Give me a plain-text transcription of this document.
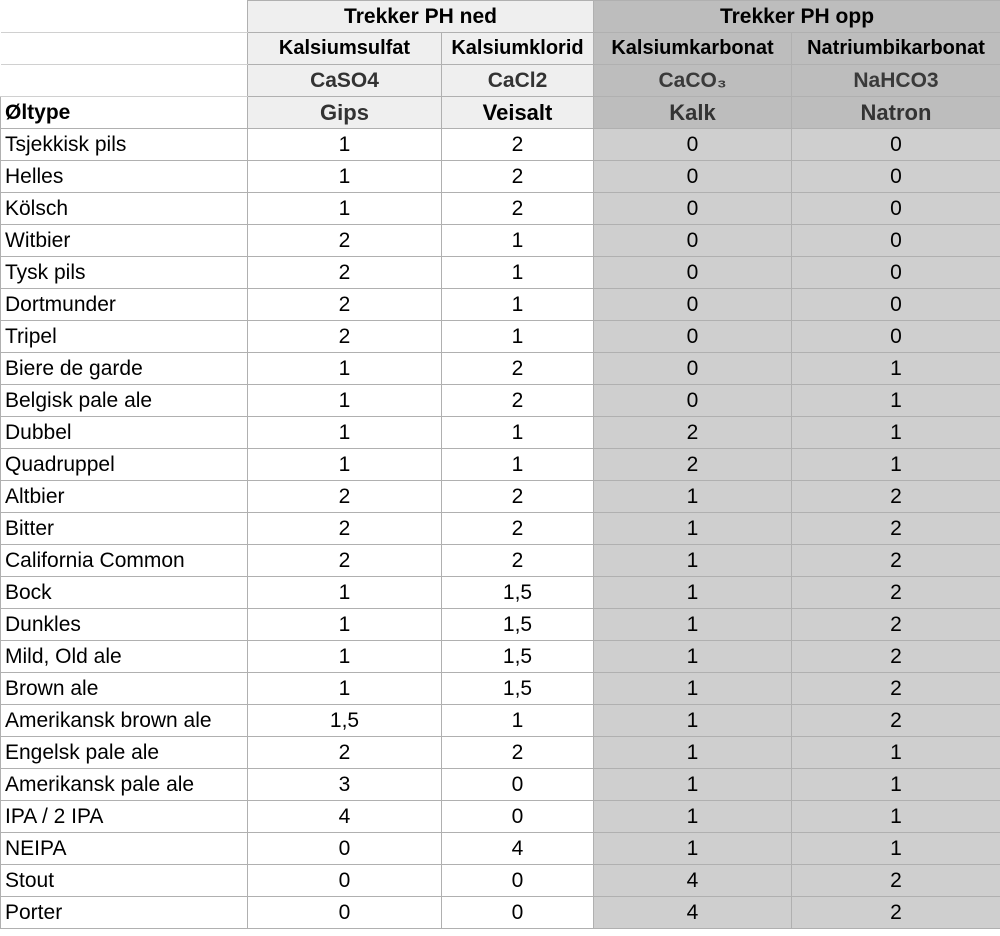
	Trekker PH ned		Trekker PH opp	
	Kalsiumsulfat	Kalsiumklorid	Kalsiumkarbonat	Natriumbikarbonat
	CaSO4	CaCl2	CaCO₃	NaHCO3
Øltype	Gips	Veisalt	Kalk	Natron
Tsjekkisk pils	1	2	0	0
Helles	1	2	0	0
Kölsch	1	2	0	0
Witbier	2	1	0	0
Tysk pils	2	1	0	0
Dortmunder	2	1	0	0
Tripel	2	1	0	0
Biere de garde	1	2	0	1
Belgisk pale ale	1	2	0	1
Dubbel	1	1	2	1
Quadruppel	1	1	2	1
Altbier	2	2	1	2
Bitter	2	2	1	2
California Common	2	2	1	2
Bock	1	1,5	1	2
Dunkles	1	1,5	1	2
Mild, Old ale	1	1,5	1	2
Brown ale	1	1,5	1	2
Amerikansk brown ale	1,5	1	1	2
Engelsk pale ale	2	2	1	1
Amerikansk pale ale	3	0	1	1
IPA / 2 IPA	4	0	1	1
NEIPA	0	4	1	1
Stout	0	0	4	2
Porter	0	0	4	2
